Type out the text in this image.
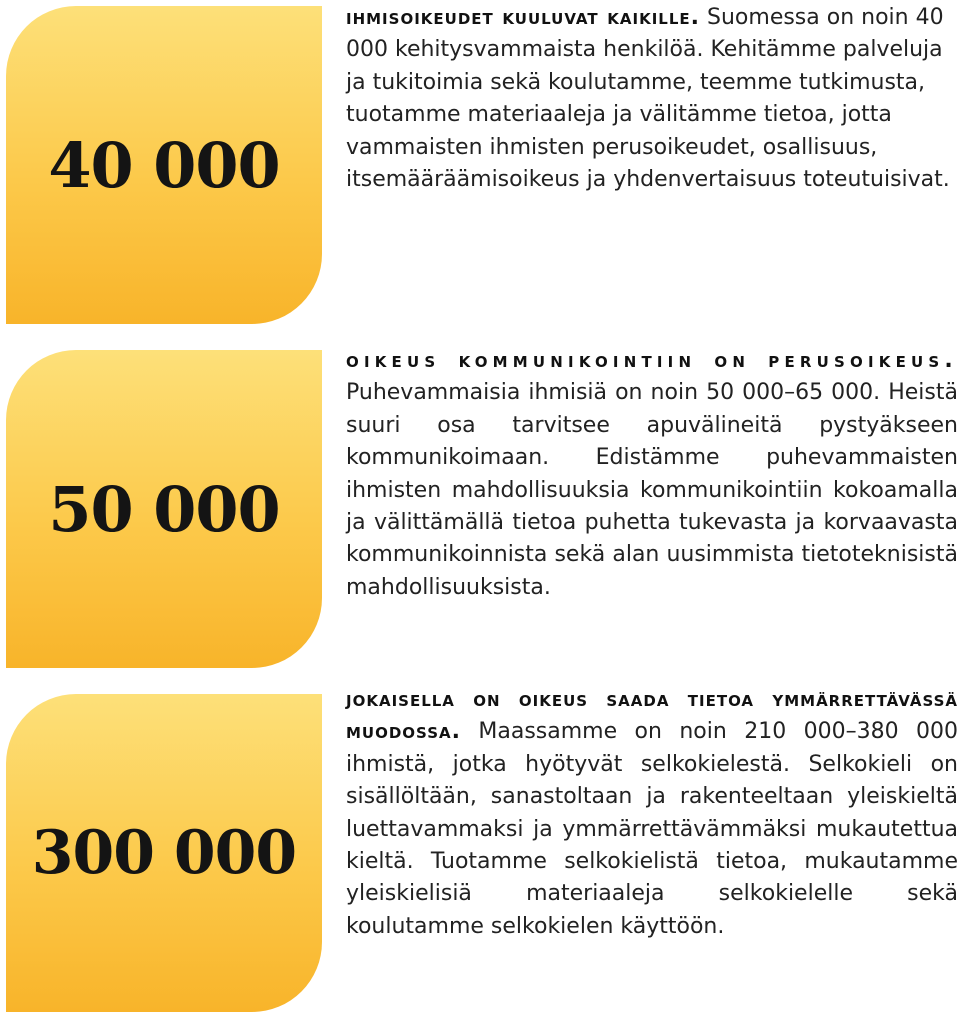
40 000

ihmisoikeudet kuuluvat kaikille. Suomessa on noin 40 000 kehitysvammaista henkilöä. Kehitämme palveluja ja tukitoimia sekä koulutamme, teemme tutkimusta, tuotamme materiaaleja ja välitämme tietoa, jotta vammaisten ihmisten perusoikeudet, osallisuus, itsemääräämisoikeus ja yhdenvertaisuus toteutuisivat.

50 000

oikeus kommunikointiin on perusoikeus. Puhevammaisia ihmisiä on noin 50 000–65 000. Heistä suuri osa tarvitsee apuvälineitä pystyäkseen kommunikoimaan. Edistämme puhevammaisten ihmisten mahdollisuuksia kommunikointiin kokoamalla ja välittämällä tietoa puhetta tukevasta ja korvaavasta kommunikoinnista sekä alan uusimmista tietoteknisistä mahdollisuuksista.

300 000

jokaisella on oikeus saada tietoa ymmärrettävässä muodossa. Maassamme on noin 210 000–380 000 ihmistä, jotka hyötyvät selkokielestä. Selkokieli on sisällöltään, sanastoltaan ja rakenteeltaan yleiskieltä luettavammaksi ja ymmärrettävämmäksi mukautettua kieltä. Tuotamme selkokielistä tietoa, mukautamme yleiskielisiä materiaaleja selkokielelle sekä koulutamme selkokielen käyttöön.
